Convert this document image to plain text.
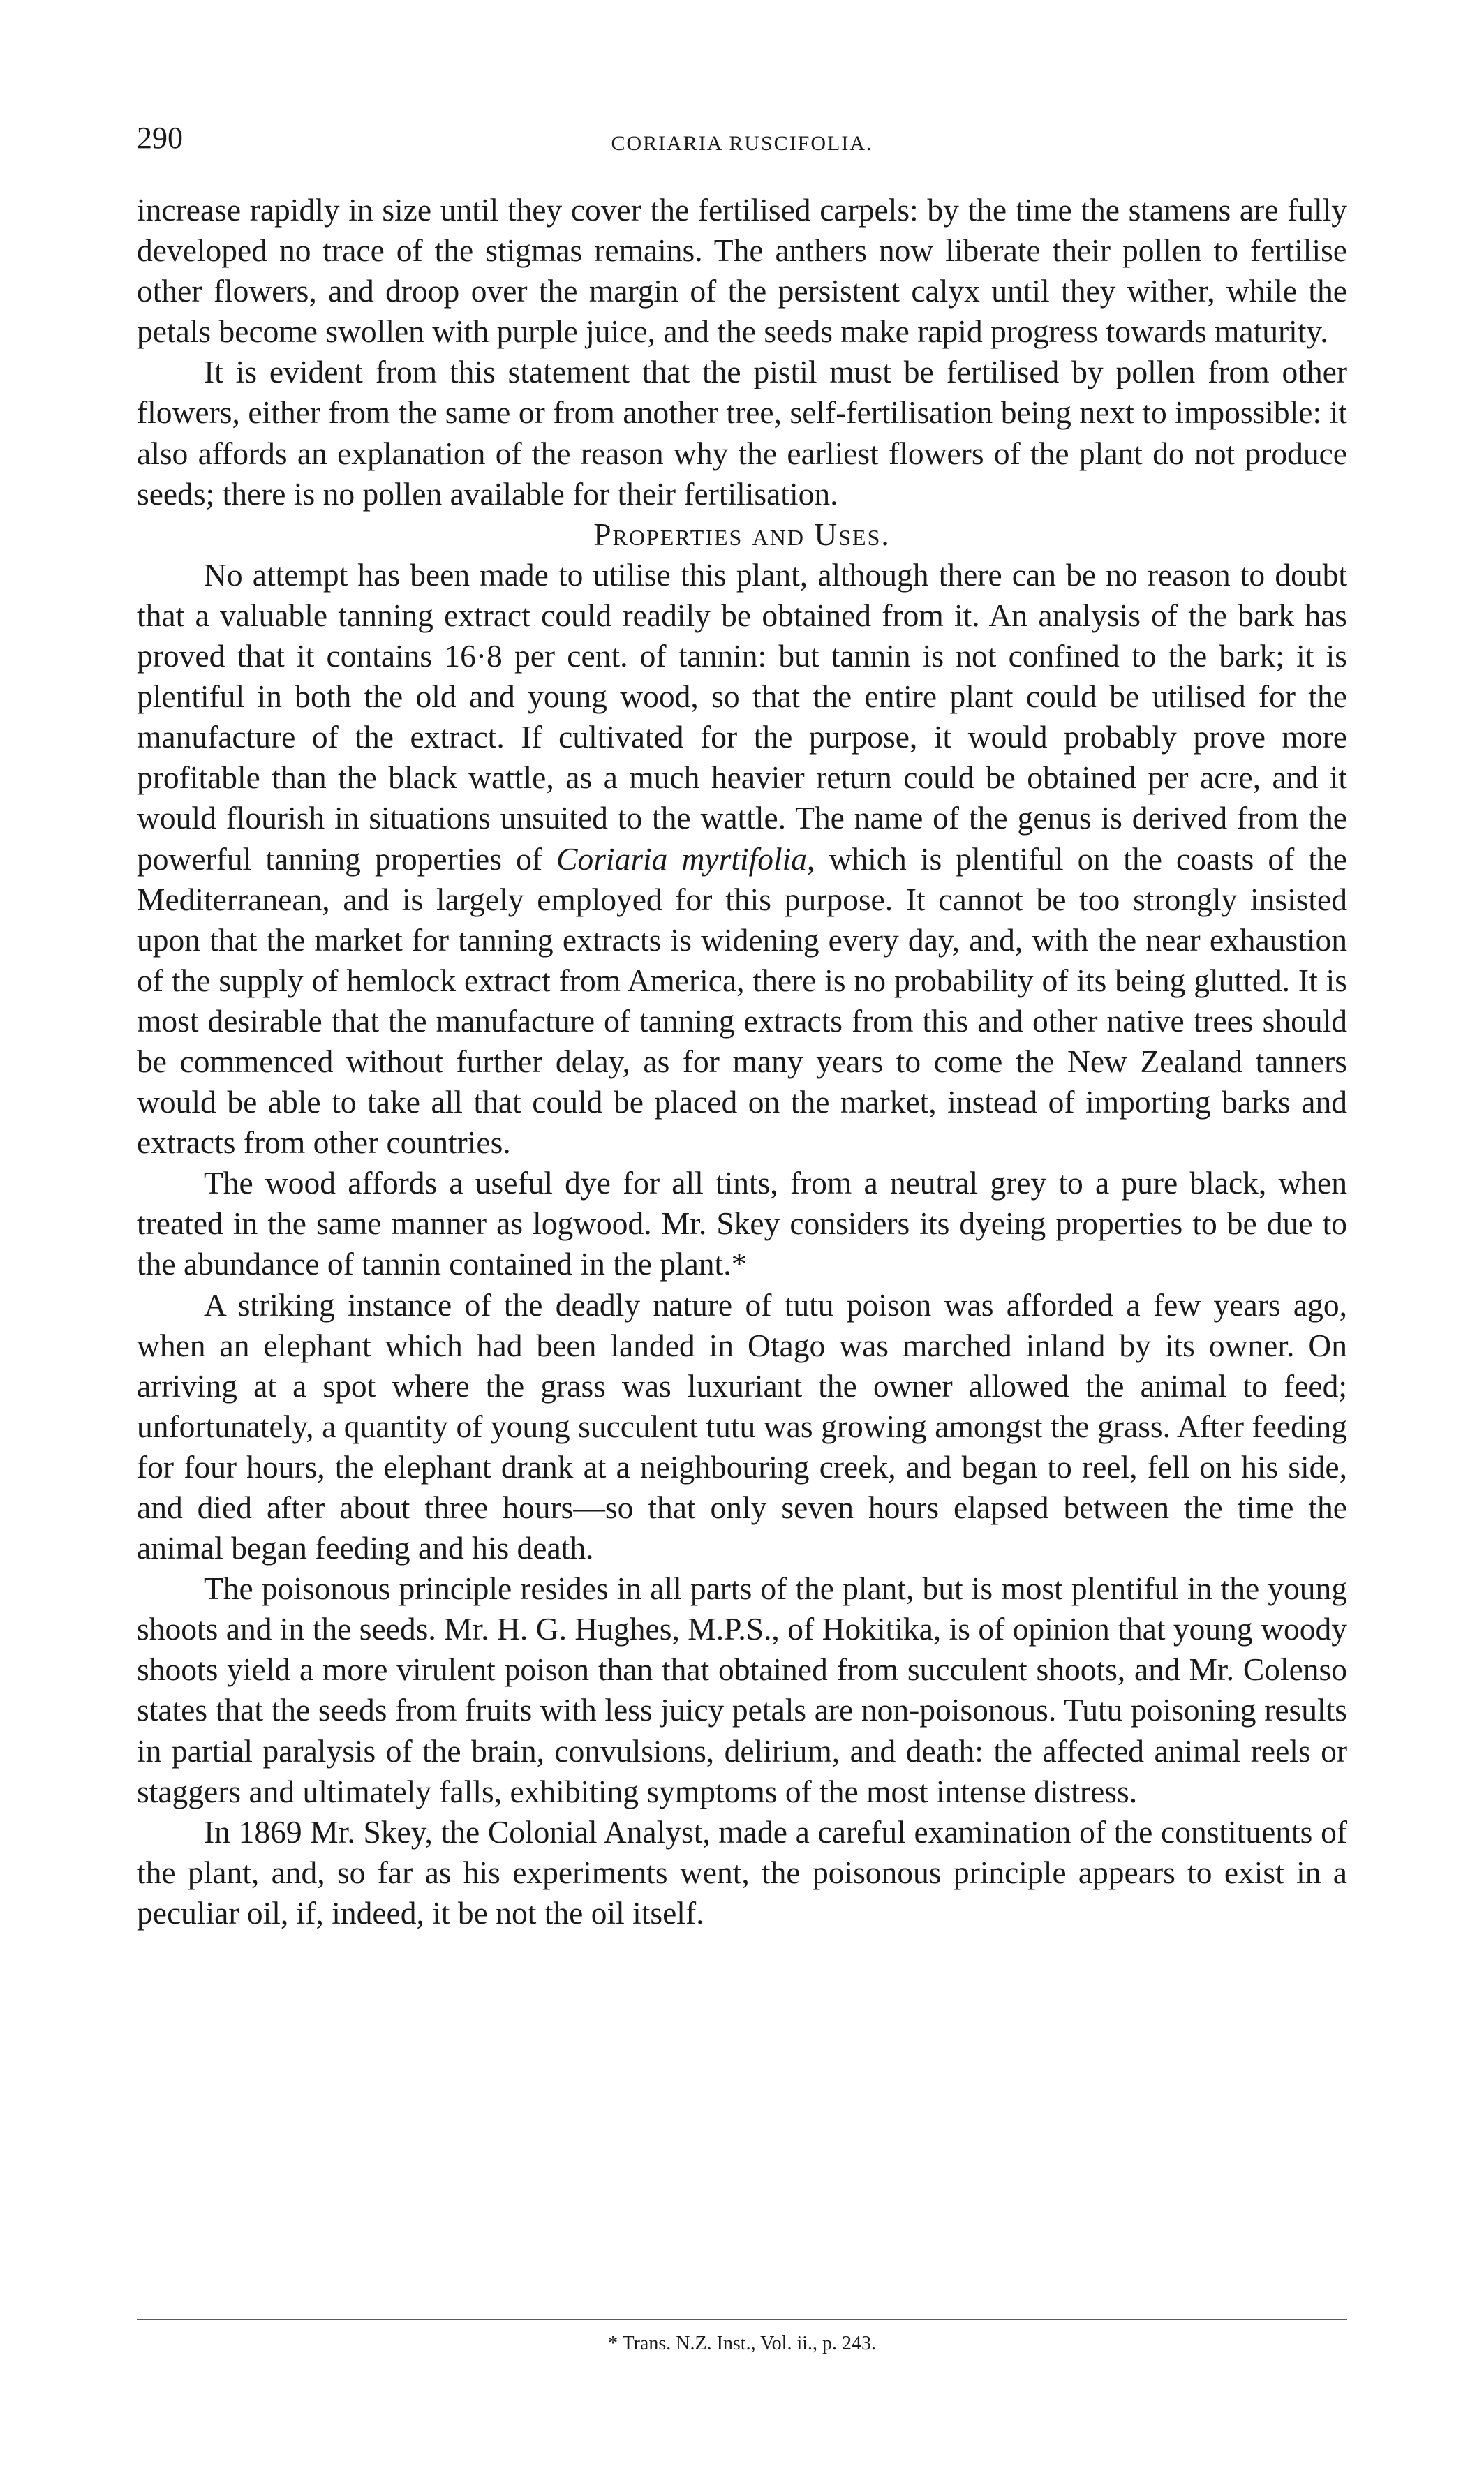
290	CORIARIA RUSCIFOLIA.

increase rapidly in size until they cover the fertilised carpels: by the time the stamens are fully developed no trace of the stigmas remains. The anthers now liberate their pollen to fertilise other flowers, and droop over the margin of the persistent calyx until they wither, while the petals become swollen with purple juice, and the seeds make rapid progress towards maturity.

It is evident from this statement that the pistil must be fertilised by pollen from other flowers, either from the same or from another tree, self-fertilisation being next to impossible: it also affords an explanation of the reason why the earliest flowers of the plant do not produce seeds; there is no pollen available for their fertilisation.

Properties and Uses.

No attempt has been made to utilise this plant, although there can be no reason to doubt that a valuable tanning extract could readily be obtained from it. An analysis of the bark has proved that it contains 16·8 per cent. of tannin: but tannin is not confined to the bark; it is plentiful in both the old and young wood, so that the entire plant could be utilised for the manufacture of the extract. If cultivated for the purpose, it would probably prove more profitable than the black wattle, as a much heavier return could be obtained per acre, and it would flourish in situations unsuited to the wattle. The name of the genus is derived from the powerful tanning properties of Coriaria myrtifolia, which is plentiful on the coasts of the Mediterranean, and is largely employed for this purpose. It cannot be too strongly insisted upon that the market for tanning extracts is widening every day, and, with the near exhaustion of the supply of hemlock extract from America, there is no probability of its being glutted. It is most desirable that the manufacture of tanning extracts from this and other native trees should be commenced without further delay, as for many years to come the New Zealand tanners would be able to take all that could be placed on the market, instead of importing barks and extracts from other countries.

The wood affords a useful dye for all tints, from a neutral grey to a pure black, when treated in the same manner as logwood. Mr. Skey considers its dyeing properties to be due to the abundance of tannin contained in the plant.*

A striking instance of the deadly nature of tutu poison was afforded a few years ago, when an elephant which had been landed in Otago was marched inland by its owner. On arriving at a spot where the grass was luxuriant the owner allowed the animal to feed; unfortunately, a quantity of young succulent tutu was growing amongst the grass. After feeding for four hours, the elephant drank at a neighbouring creek, and began to reel, fell on his side, and died after about three hours—so that only seven hours elapsed between the time the animal began feeding and his death.

The poisonous principle resides in all parts of the plant, but is most plentiful in the young shoots and in the seeds. Mr. H. G. Hughes, M.P.S., of Hokitika, is of opinion that young woody shoots yield a more virulent poison than that obtained from succulent shoots, and Mr. Colenso states that the seeds from fruits with less juicy petals are non-poisonous. Tutu poisoning results in partial paralysis of the brain, convulsions, delirium, and death: the affected animal reels or staggers and ultimately falls, exhibiting symptoms of the most intense distress.

In 1869 Mr. Skey, the Colonial Analyst, made a careful examination of the constituents of the plant, and, so far as his experiments went, the poisonous principle appears to exist in a peculiar oil, if, indeed, it be not the oil itself.

* Trans. N.Z. Inst., Vol. ii., p. 243.
